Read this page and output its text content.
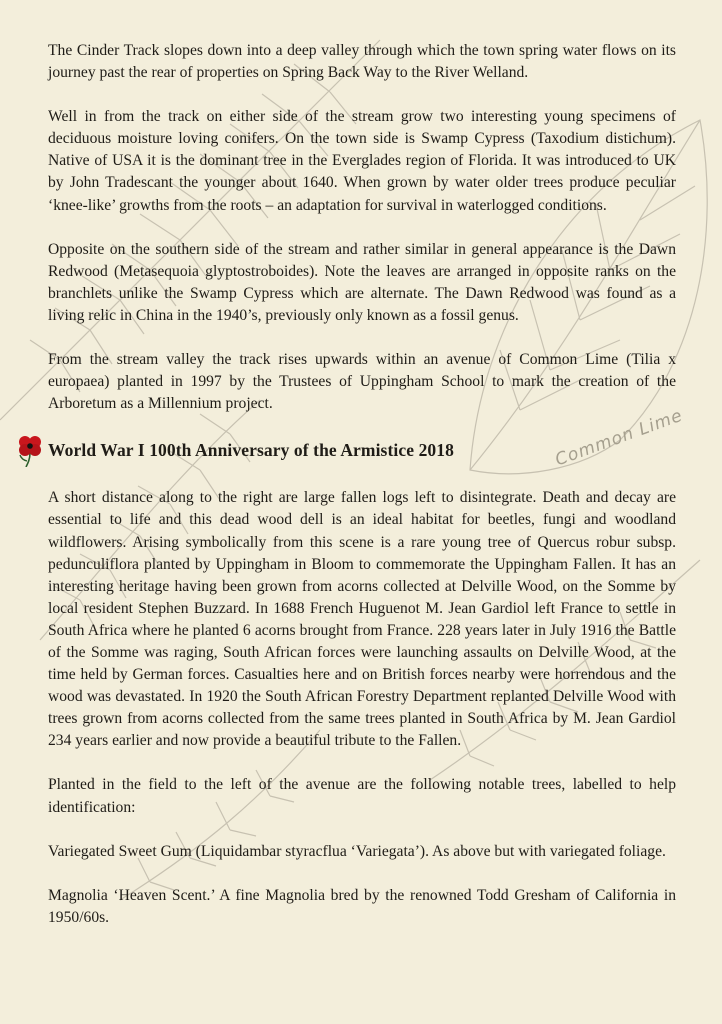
Common Lime

The Cinder Track slopes down into a deep valley through which the town spring water flows on its journey past the rear of properties on Spring Back Way to the River Welland.

Well in from the track on either side of the stream grow two interesting young specimens of deciduous moisture loving conifers. On the town side is Swamp Cypress (Taxodium distichum). Native of USA it is the dominant tree in the Everglades region of Florida. It was introduced to UK by John Tradescant the younger about 1640. When grown by water older trees produce peculiar ‘knee-like’ growths from the roots – an adaptation for survival in waterlogged conditions.

Opposite on the southern side of the stream and rather similar in general appearance is the Dawn Redwood (Metasequoia glyptostroboides). Note the leaves are arranged in opposite ranks on the branchlets unlike the Swamp Cypress which are alternate. The Dawn Redwood was found as a living relic in China in the 1940’s, previously only known as a fossil genus.

From the stream valley the track rises upwards within an avenue of Common Lime (Tilia x europaea) planted in 1997 by the Trustees of Uppingham School to mark the creation of the Arboretum as a Millennium project.

World War I 100th Anniversary of the Armistice 2018

A short distance along to the right are large fallen logs left to disintegrate. Death and decay are essential to life and this dead wood dell is an ideal habitat for beetles, fungi and woodland wildflowers. Arising symbolically from this scene is a rare young tree of Quercus robur subsp. pedunculiflora planted by Uppingham in Bloom to commemorate the Uppingham Fallen. It has an interesting heritage having been grown from acorns collected at Delville Wood, on the Somme by local resident Stephen Buzzard. In 1688 French Huguenot M. Jean Gardiol left France to settle in South Africa where he planted 6 acorns brought from France. 228 years later in July 1916 the Battle of the Somme was raging, South African forces were launching assaults on Delville Wood, at the time held by German forces. Casualties here and on British forces nearby were horrendous and the wood was devastated. In 1920 the South African Forestry Department replanted Delville Wood with trees grown from acorns collected from the same trees planted in South Africa by M. Jean Gardiol 234 years earlier and now provide a beautiful tribute to the Fallen.

Planted in the field to the left of the avenue are the following notable trees, labelled to help identification:

Variegated Sweet Gum (Liquidambar styracflua ‘Variegata’). As above but with variegated foliage.

Magnolia ‘Heaven Scent.’ A fine Magnolia bred by the renowned Todd Gresham of California in 1950/60s.
